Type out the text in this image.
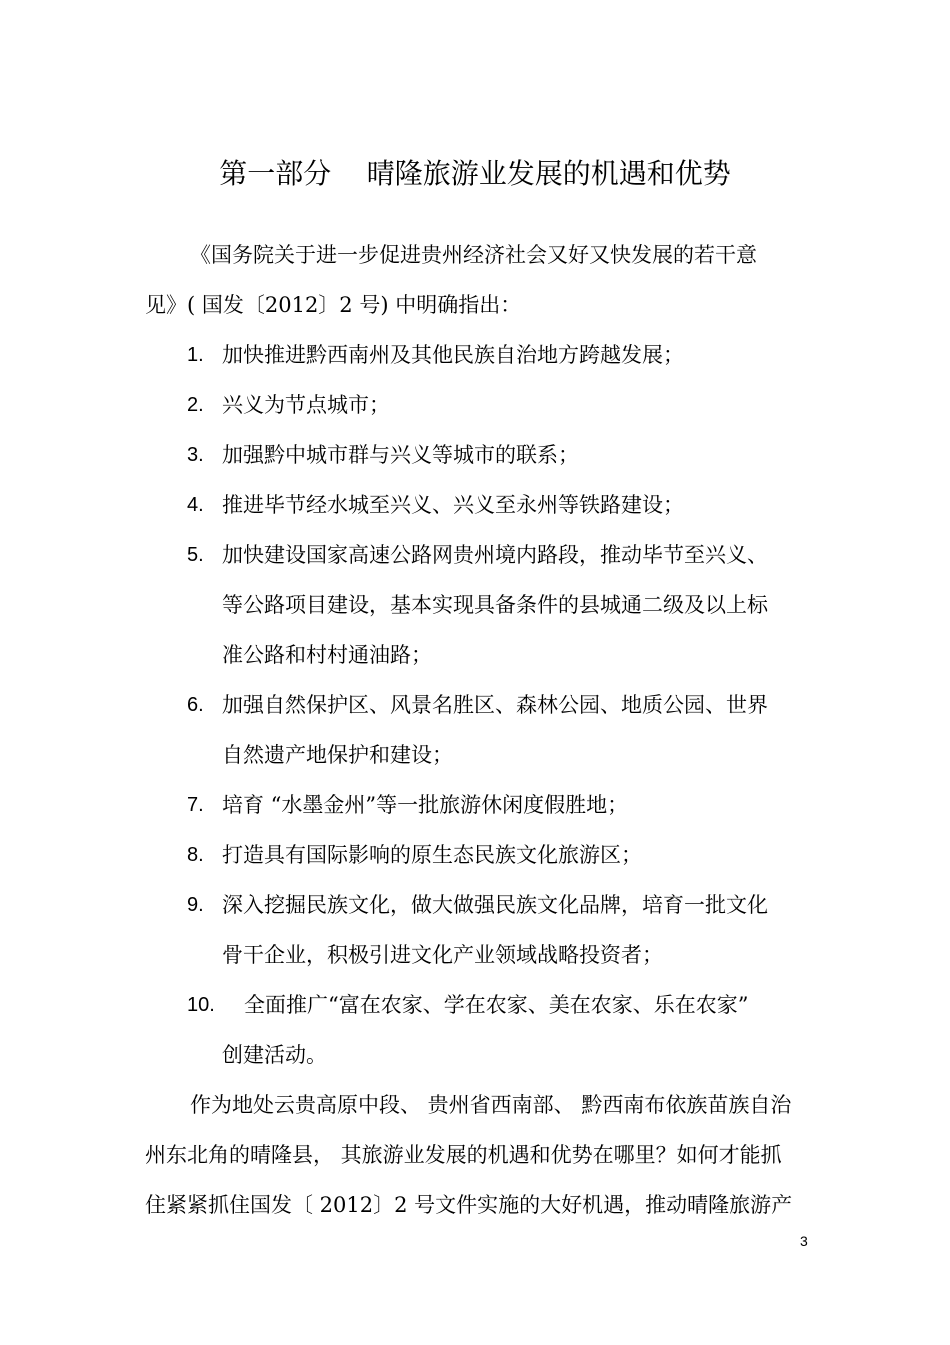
第一部分    晴隆旅游业发展的机遇和优势
《国务院关于进一步促进贵州经济社会又好又快发展的若干意
见》( 国发〔2012〕2 号) 中明确指出：
1. 加快推进黔西南州及其他民族自治地方跨越发展；
2. 兴义为节点城市；
3. 加强黔中城市群与兴义等城市的联系；
4. 推进毕节经水城至兴义、兴义至永州等铁路建设；
5. 加快建设国家高速公路网贵州境内路段，推动毕节至兴义、
等公路项目建设，基本实现具备条件的县城通二级及以上标
准公路和村村通油路；
6. 加强自然保护区、风景名胜区、森林公园、地质公园、世界
自然遗产地保护和建设；
7. 培育 “水墨金州”等一批旅游休闲度假胜地；
8. 打造具有国际影响的原生态民族文化旅游区；
9. 深入挖掘民族文化，做大做强民族文化品牌，培育一批文化
骨干企业，积极引进文化产业领域战略投资者；
10. 全面推广“富在农家、学在农家、美在农家、乐在农家”
创建活动。
作为地处云贵高原中段、 贵州省西南部、 黔西南布依族苗族自治
州东北角的晴隆县， 其旅游业发展的机遇和优势在哪里？如何才能抓
住紧紧抓住国发〔 2012〕2 号文件实施的大好机遇，推动晴隆旅游产
3
